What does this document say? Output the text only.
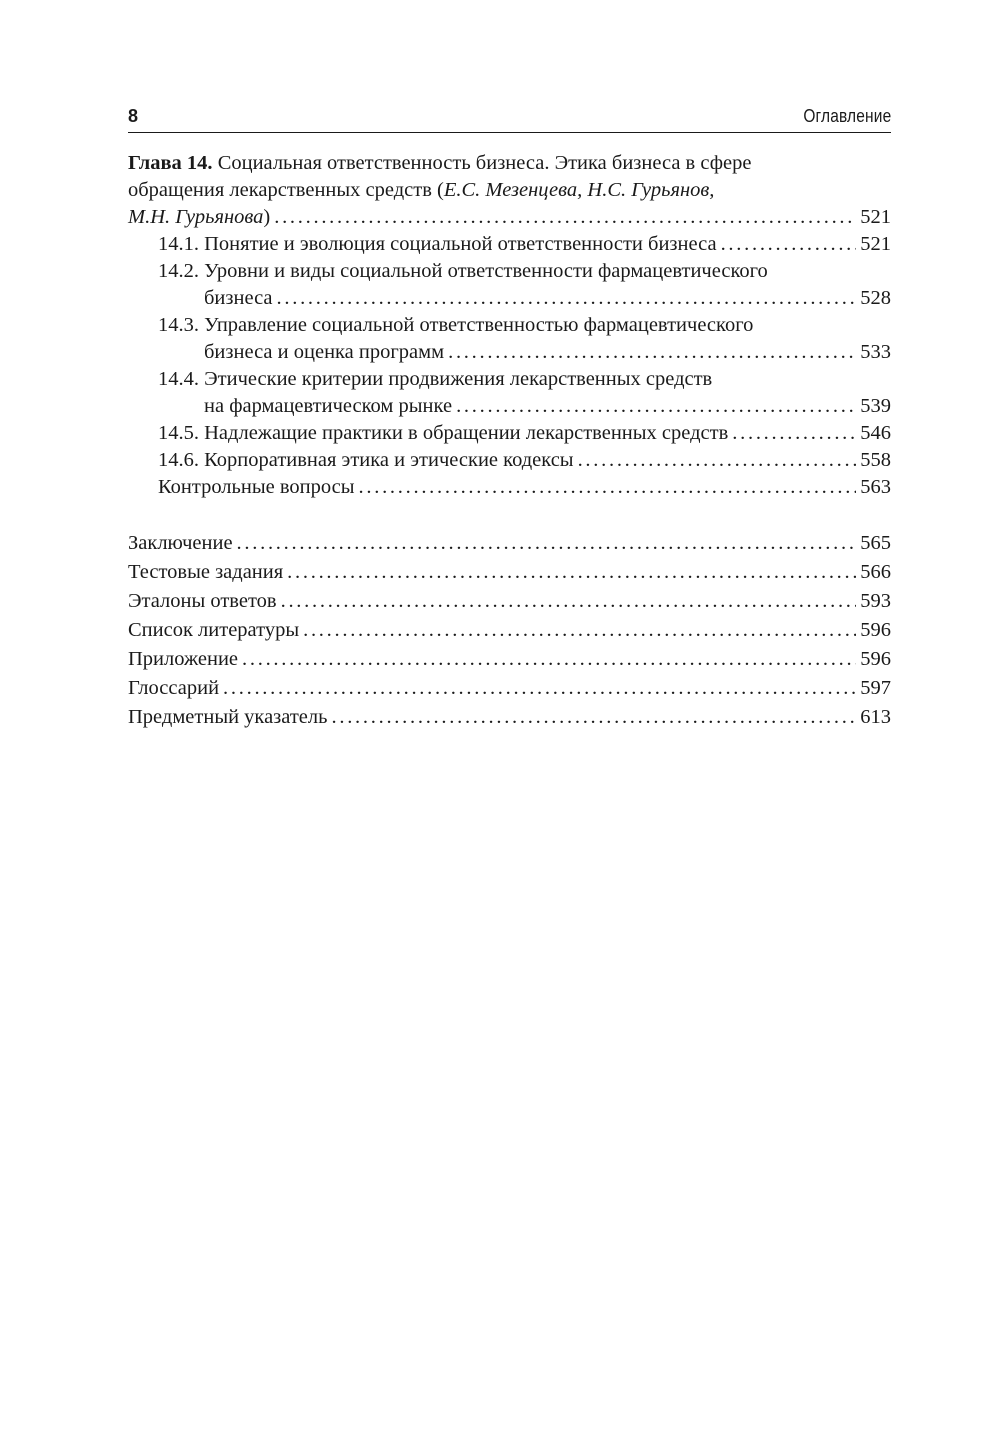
8	Оглавление
Глава 14. Социальная ответственность бизнеса. Этика бизнеса в сфере
обращения лекарственных средств (Е.С. Мезенцева, Н.С. Гурьянов,
М.Н. Гурьянова) . . .	521
14.1. Понятие и эволюция социальной ответственности бизнеса . . .	521
14.2. Уровни и виды социальной ответственности фармацевтического
бизнеса . . .	528
14.3. Управление социальной ответственностью фармацевтического
бизнеса и оценка программ . . .	533
14.4. Этические критерии продвижения лекарственных средств
на фармацевтическом рынке . . .	539
14.5. Надлежащие практики в обращении лекарственных средств . . .	546
14.6. Корпоративная этика и этические кодексы . . .	558
Контрольные вопросы . . .	563
Заключение . . .	565
Тестовые задания . . .	566
Эталоны ответов . . .	593
Список литературы . . .	596
Приложение . . .	596
Глоссарий . . .	597
Предметный указатель . . .	613
